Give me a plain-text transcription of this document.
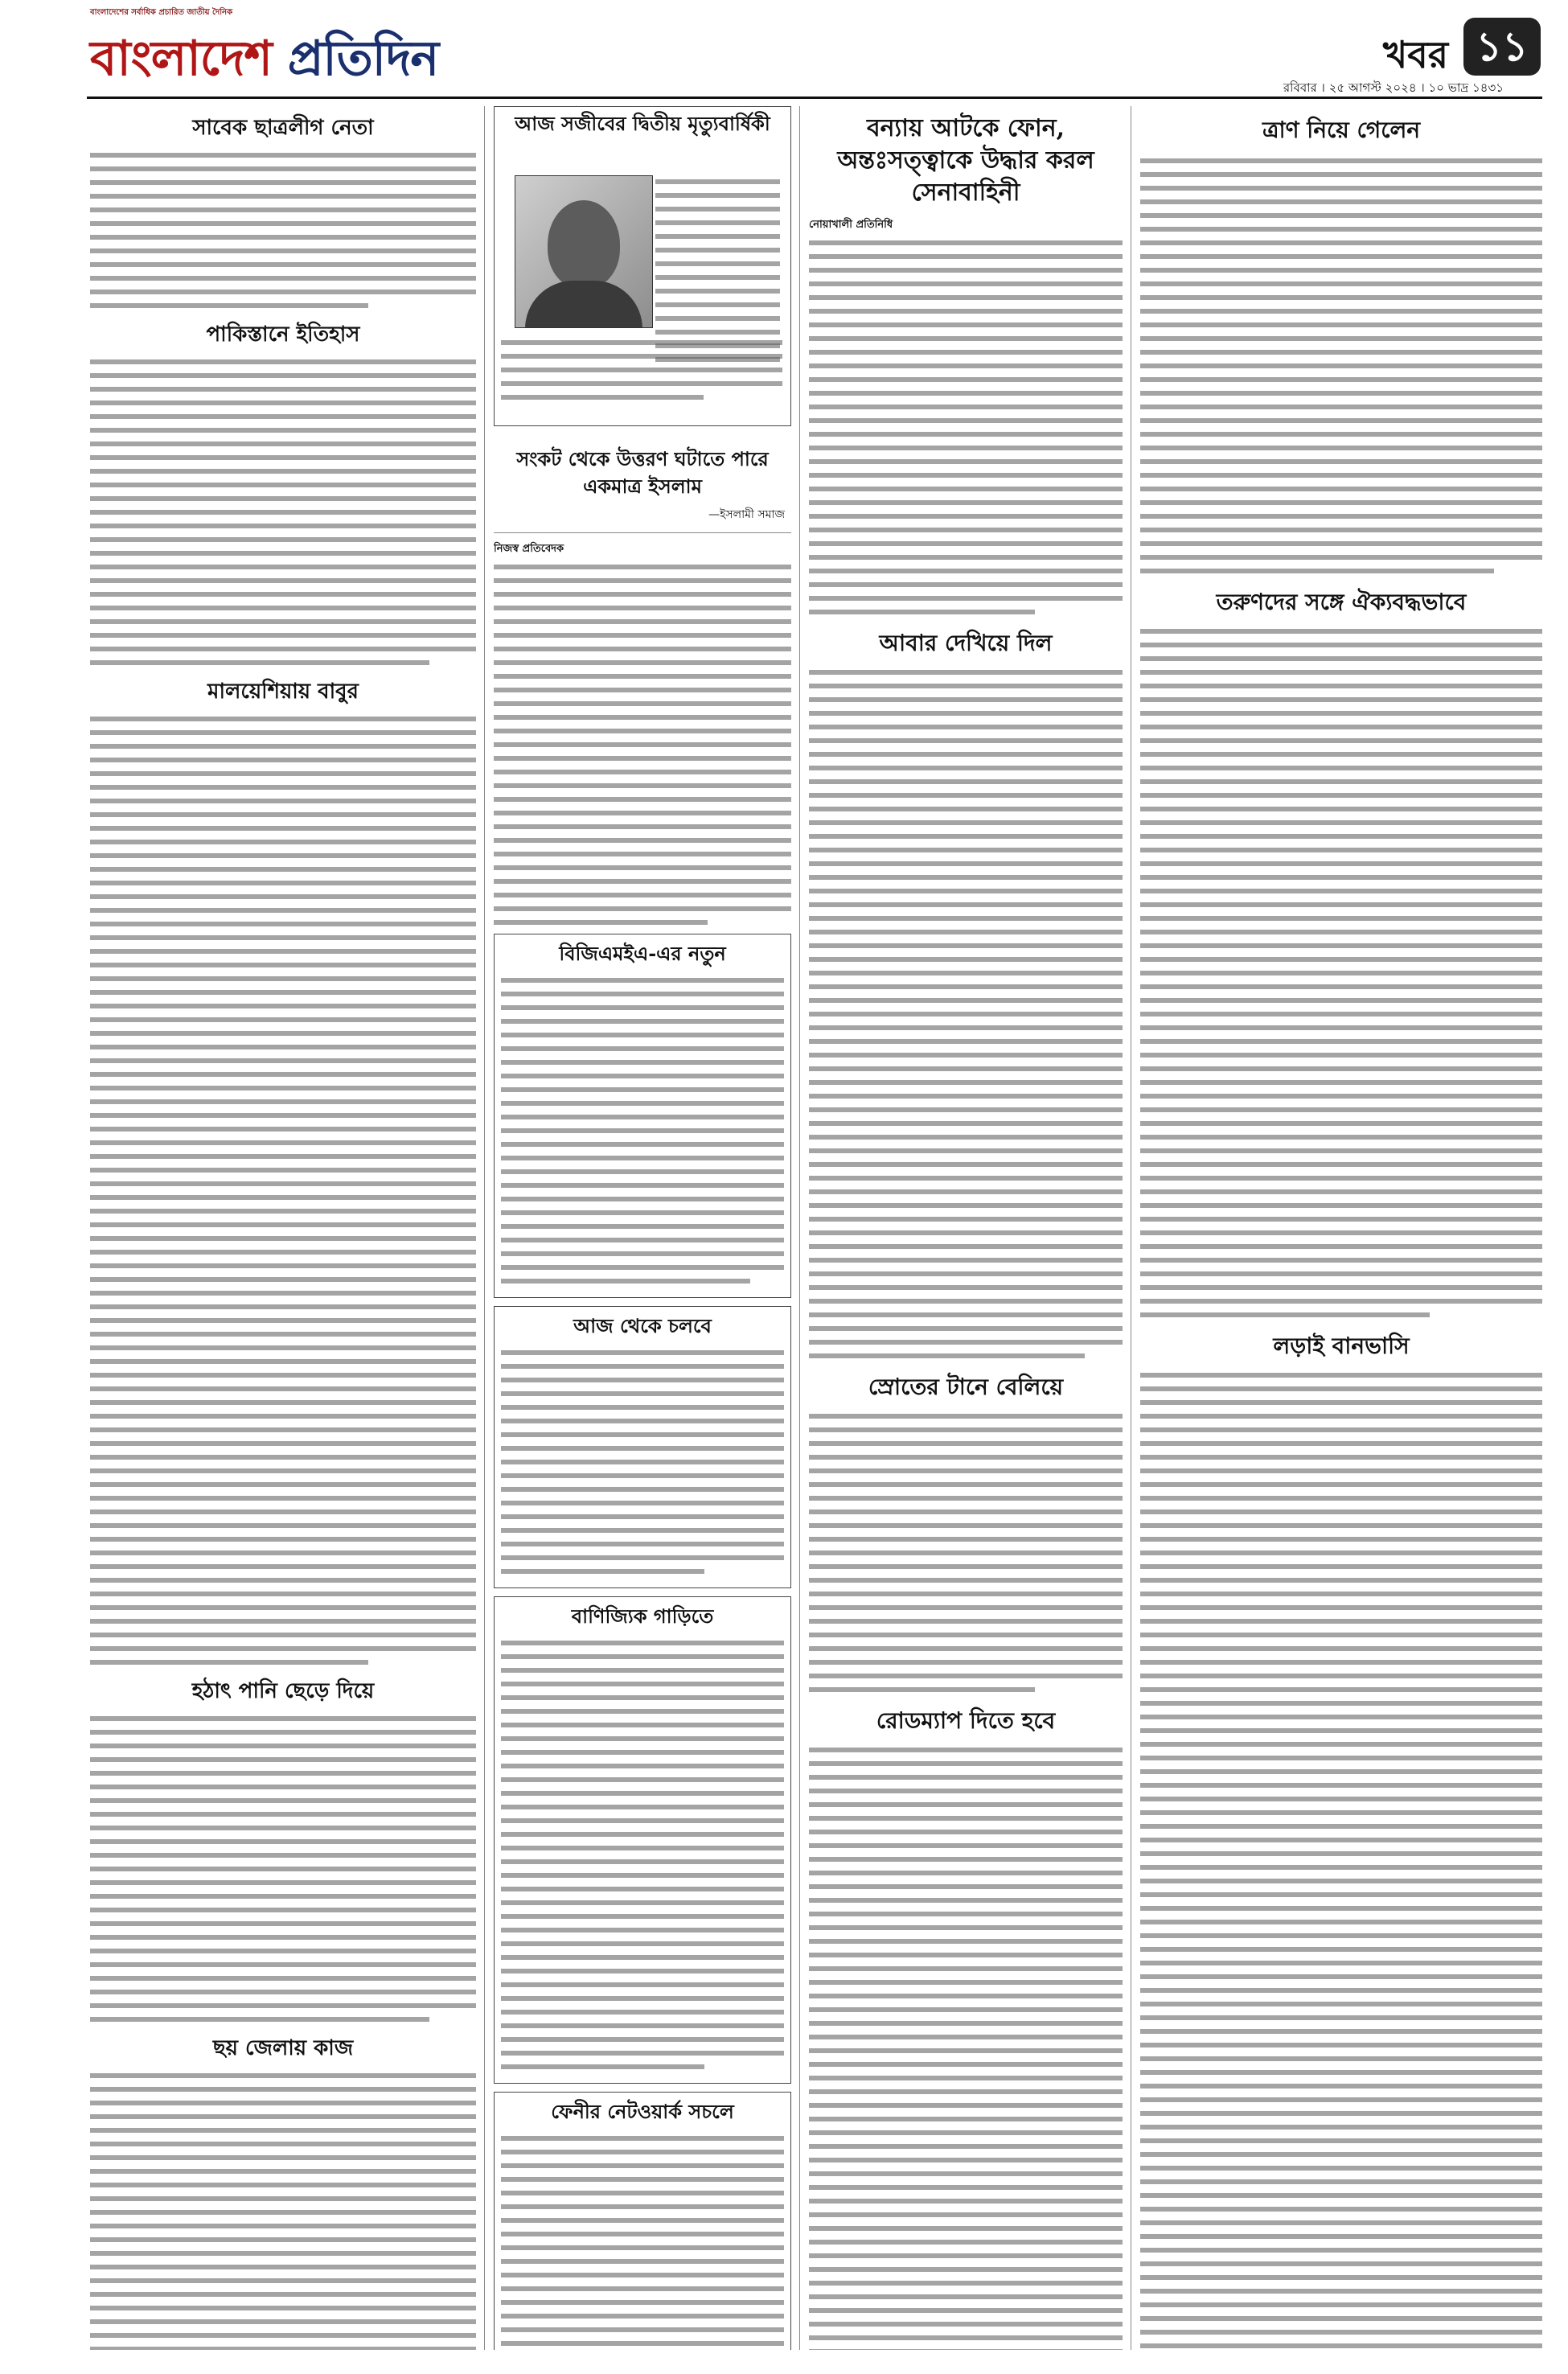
বাংলাদেশের সর্বাধিক প্রচারিত জাতীয় দৈনিক
বাংলাদেশ প্রতিদিন	খবর ১১
রবিবার । ২৫ আগস্ট ২০২৪ । ১০ ভাদ্র ১৪৩১
সাবেক ছাত্রলীগ নেতা
পাকিস্তানে ইতিহাস
মালয়েশিয়ায় বাবুর
হঠাৎ পানি ছেড়ে দিয়ে
ছয় জেলায় কাজ
আজ সজীবের দ্বিতীয় মৃত্যুবার্ষিকী
সংকট থেকে উত্তরণ ঘটাতে পারে একমাত্র ইসলাম
—ইসলামী সমাজ
নিজস্ব প্রতিবেদক
বিজিএমইএ-এর নতুন
আজ থেকে চলবে
বাণিজ্যিক গাড়িতে
ফেনীর নেটওয়ার্ক সচলে
বন্যায় আটকে ফোন, অন্তঃসত্ত্বাকে উদ্ধার করল সেনাবাহিনী
নোয়াখালী প্রতিনিধি
আবার দেখিয়ে দিল
স্রোতের টানে বেলিয়ে
রোডম্যাপ দিতে হবে
ত্রাণ নিয়ে গেলেন
তরুণদের সঙ্গে ঐক্যবদ্ধভাবে
লড়াই বানভাসি
